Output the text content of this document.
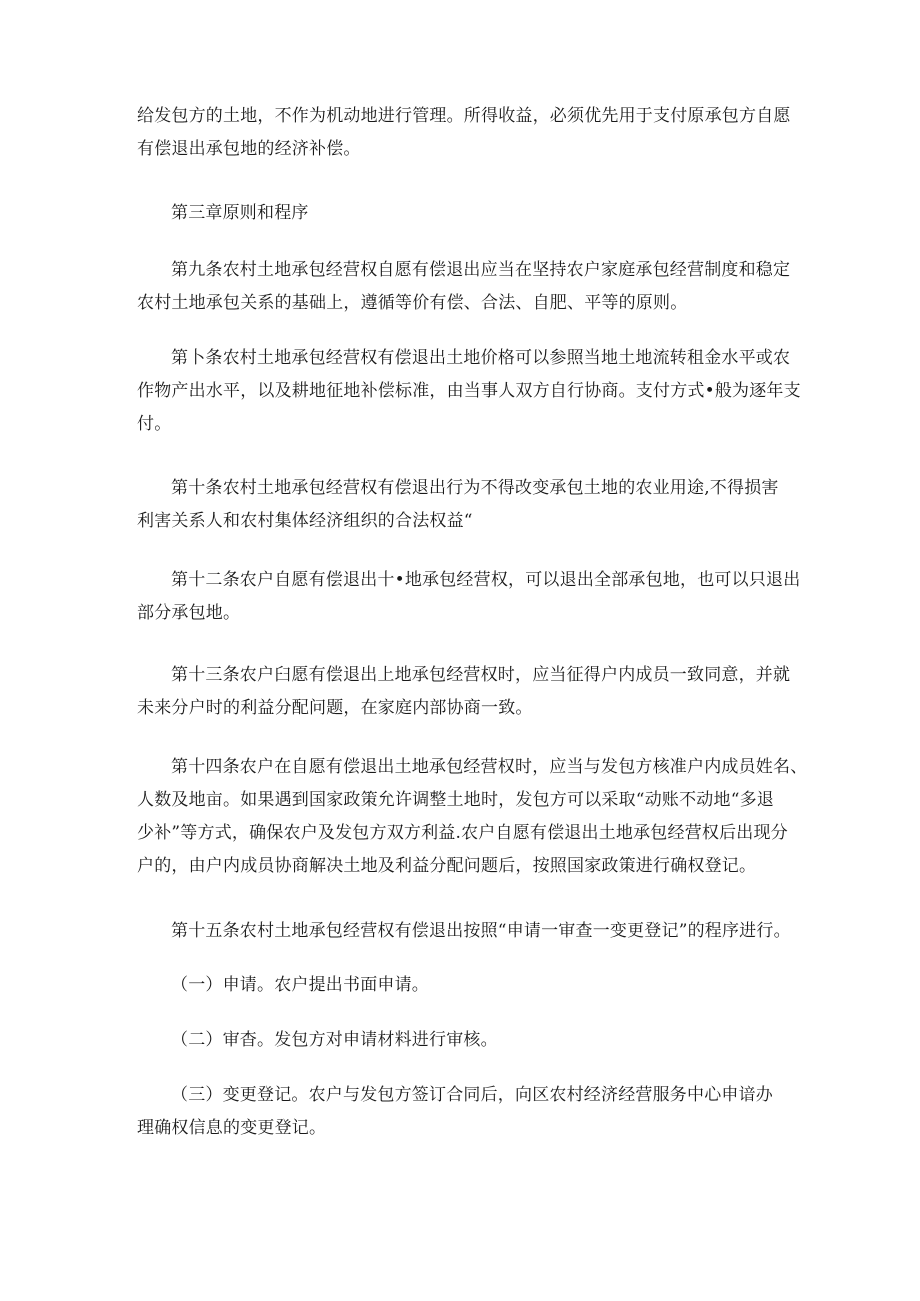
给发包方的土地，不作为机动地进行管理。所得收益，必须优先用于支付原承包方自愿
有偿退出承包地的经济补偿。

第三章原则和程序

第九条农村土地承包经营权自愿有偿退出应当在坚持农户家庭承包经营制度和稳定
农村土地承包关系的基础上，遵循等价有偿、合法、自肥、平等的原则。

第卜条农村土地承包经营权有偿退出土地价格可以参照当地土地流转租金水平或农
作物产出水平，以及耕地征地补偿标准，由当事人双方自行协商。支付方式•般为逐年支
付。

第十条农村土地承包经营权有偿退出行为不得改变承包土地的农业用途,不得损害
利害关系人和农村集体经济组织的合法权益“

第十二条农户自愿有偿退出十•地承包经营权，可以退出全部承包地，也可以只退出
部分承包地。

第十三条农户臼愿有偿退出上地承包经营权时，应当征得户内成员一致同意，并就
未来分户时的利益分配问题，在家庭内部协商一致。

第十四条农户在自愿有偿退出土地承包经营权时，应当与发包方核准户内成员姓名、
人数及地亩。如果遇到国家政策允许调整土地时，发包方可以采取“动账不动地“多退
少补”等方式，确保农户及发包方双方利益.农户自愿有偿退出土地承包经营权后出现分
户的，由户内成员协商解决土地及利益分配问题后，按照国家政策进行确权登记。

第十五条农村土地承包经营权有偿退出按照“申请一审查一变更登记”的程序进行。

（一）申请。农户提出书面申请。

（二）审杳。发包方对申请材料进行审核。

（三）变更登记。农户与发包方签订合同后，向区农村经济经营服务中心申谙办
理确权信息的变更登记。
